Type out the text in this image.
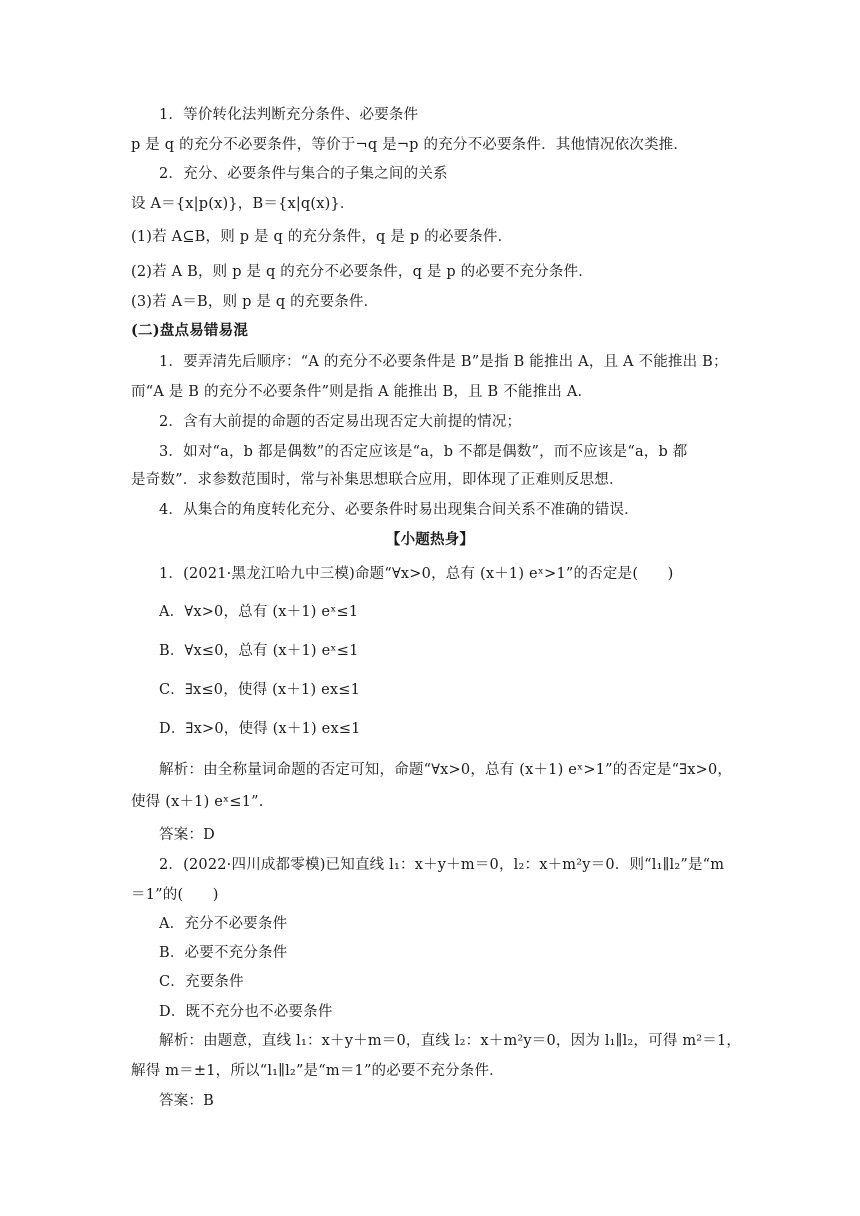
1．等价转化法判断充分条件、必要条件
p 是 q 的充分不必要条件，等价于¬q 是¬p 的充分不必要条件．其他情况依次类推．
2．充分、必要条件与集合的子集之间的关系
设 A＝{x|p(x)}，B＝{x|q(x)}．
(1)若 A⊆B，则 p 是 q 的充分条件，q 是 p 的必要条件．
(2)若 A B，则 p 是 q 的充分不必要条件，q 是 p 的必要不充分条件．
(3)若 A＝B，则 p 是 q 的充要条件．
(二)盘点易错易混
1．要弄清先后顺序：“A 的充分不必要条件是 B”是指 B 能推出 A，且 A 不能推出 B；
而“A 是 B 的充分不必要条件”则是指 A 能推出 B，且 B 不能推出 A．
2．含有大前提的命题的否定易出现否定大前提的情况；
3．如对“a，b 都是偶数”的否定应该是“a，b 不都是偶数”，而不应该是“a，b 都
是奇数”．求参数范围时，常与补集思想联合应用，即体现了正难则反思想．
4．从集合的角度转化充分、必要条件时易出现集合间关系不准确的错误．
【小题热身】
1．(2021·黑龙江哈九中三模)命题“∀x>0，总有 (x＋1) eˣ>1”的否定是(　　)
A．∀x>0，总有 (x＋1) eˣ≤1
B．∀x≤0，总有 (x＋1) eˣ≤1
C．∃x≤0，使得 (x＋1) ex≤1
D．∃x>0，使得 (x＋1) ex≤1
解析：由全称量词命题的否定可知，命题“∀x>0，总有 (x＋1) eˣ>1”的否定是“∃x>0，
使得 (x＋1) eˣ≤1”.
答案：D
2．(2022·四川成都零模)已知直线 l₁：x＋y＋m＝0，l₂：x＋m²y＝0．则“l₁∥l₂”是“m
＝1”的(　　)
A．充分不必要条件
B．必要不充分条件
C．充要条件
D．既不充分也不必要条件
解析：由题意，直线 l₁：x＋y＋m＝0，直线 l₂：x＋m²y＝0，因为 l₁∥l₂，可得 m²＝1，
解得 m＝±1，所以“l₁∥l₂”是“m＝1”的必要不充分条件．
答案：B
